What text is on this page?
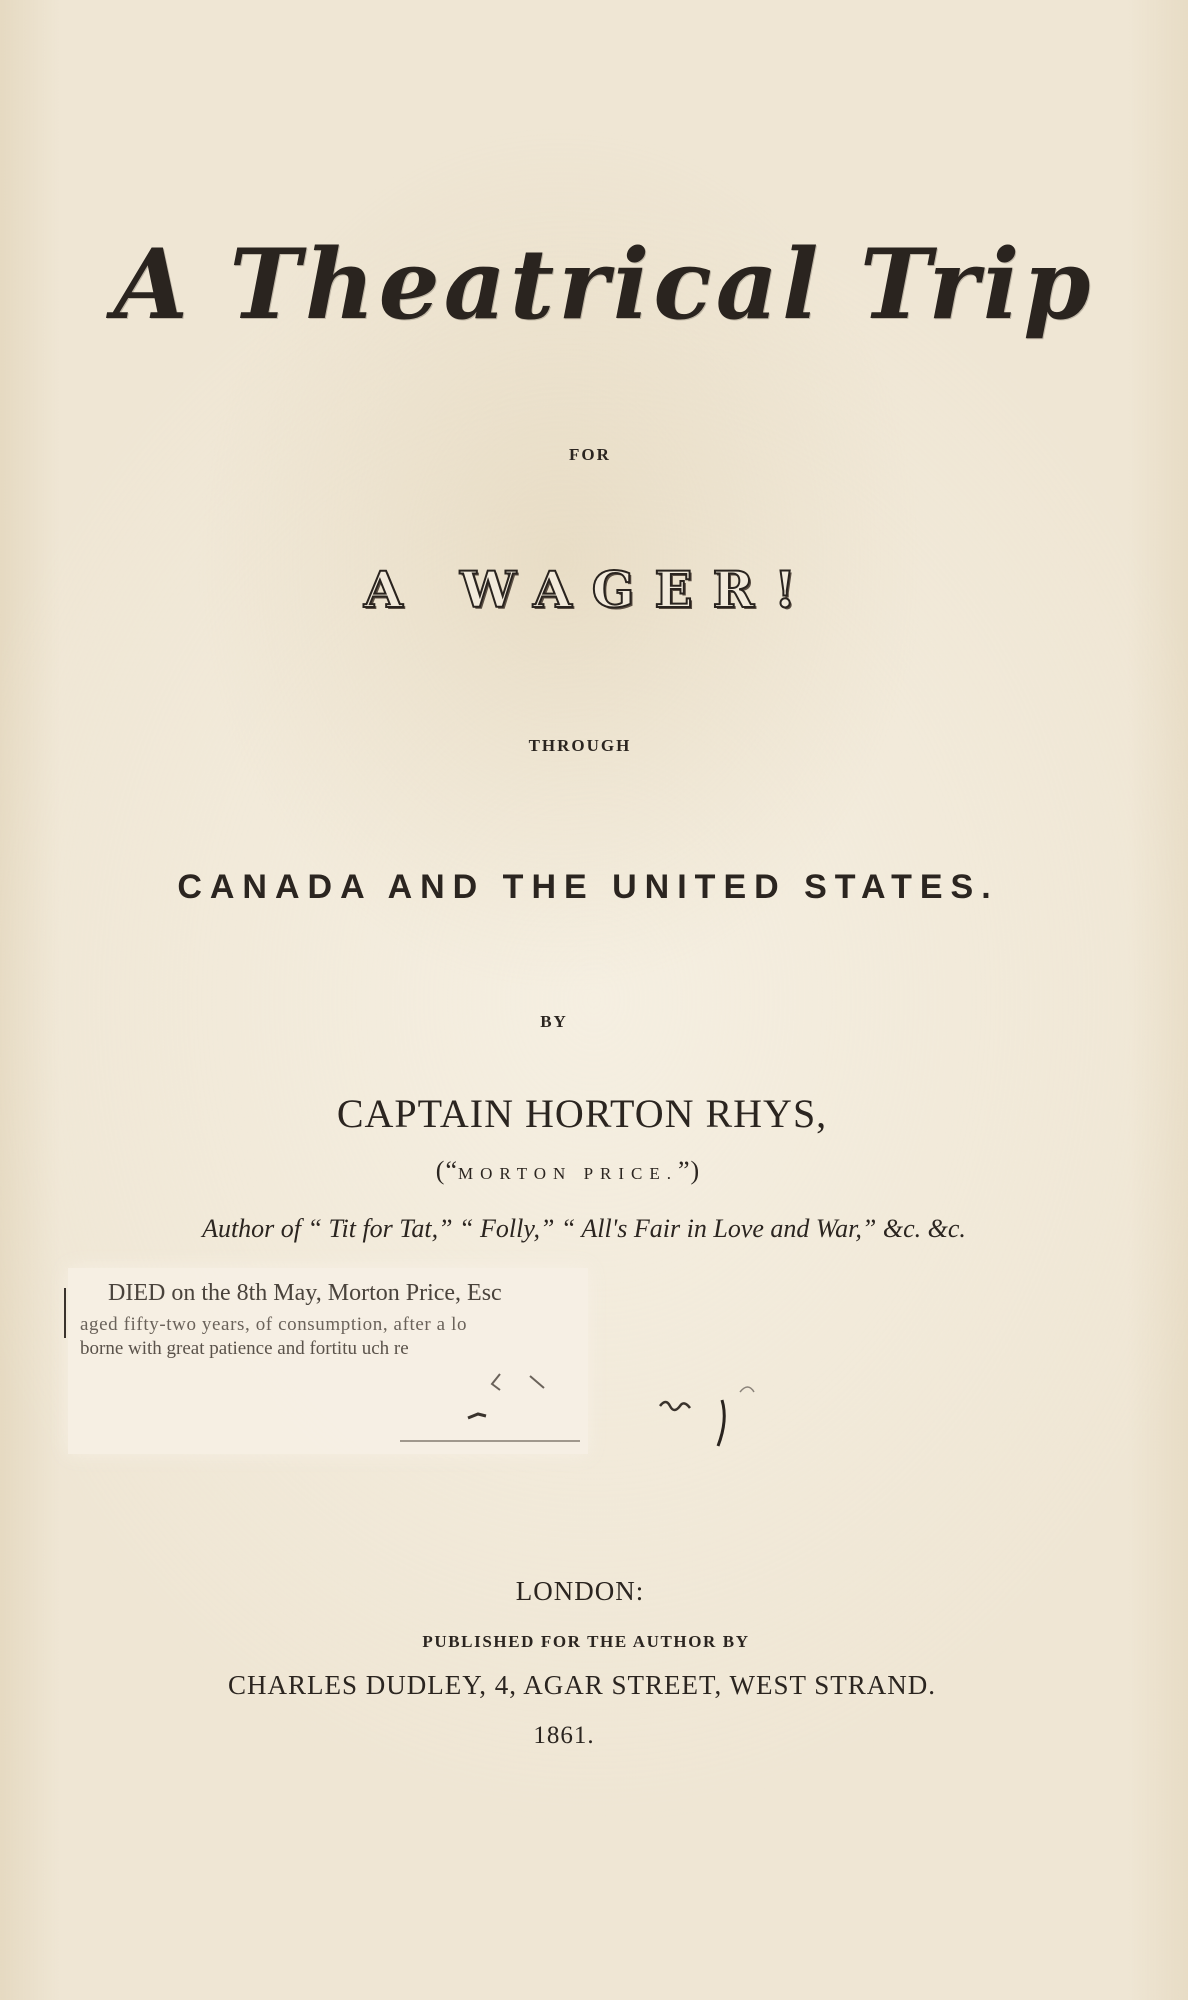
A Theatrical Trip
FOR
A WAGER!
THROUGH
CANADA AND THE UNITED STATES.
BY
CAPTAIN HORTON RHYS,
(“MORTON PRICE.”)
Author of “ Tit for Tat,” “ Folly,” “ All's Fair in Love and War,” &c. &c.
DIED on the 8th May, Morton Price, Esc
aged fifty-two years, of consumption, after a lo
borne with great patience and fortitu uch re
LONDON:
PUBLISHED FOR THE AUTHOR BY
CHARLES DUDLEY, 4, AGAR STREET, WEST STRAND.
1861.
